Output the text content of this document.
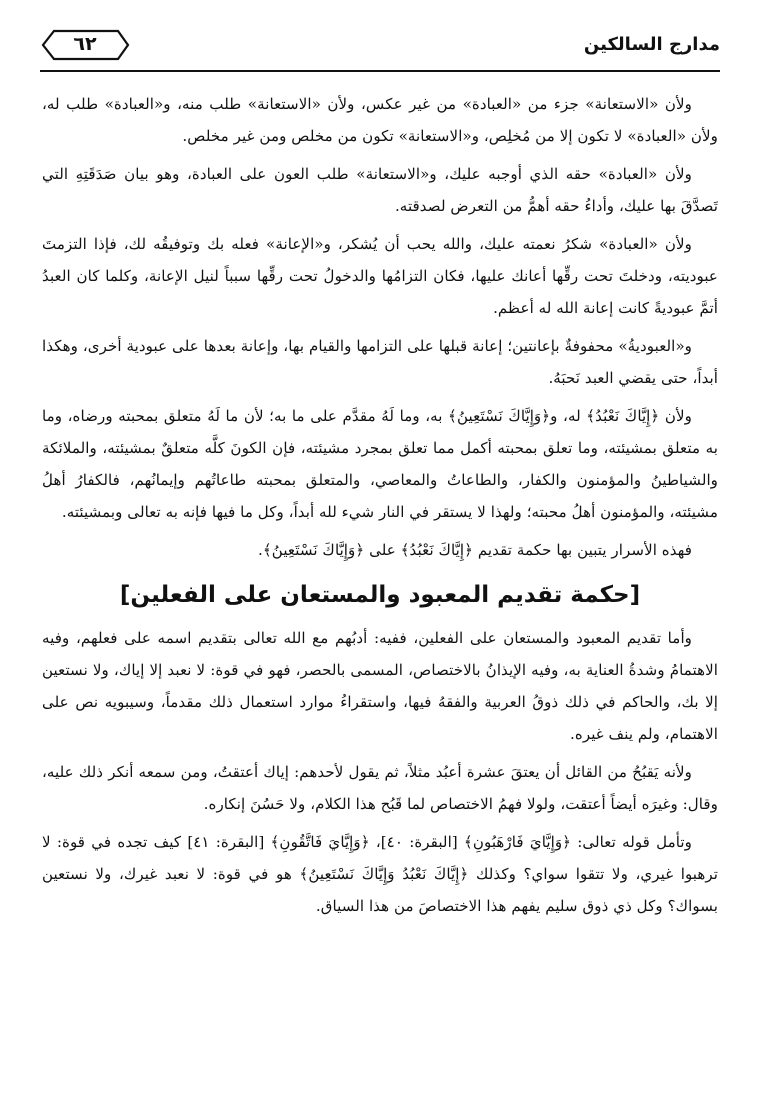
مدارج السالكين
٦٢

ولأن «الاستعانة» جزء من «العبادة» من غير عكس، ولأن «الاستعانة» طلب منه، و«العبادة» طلب له، ولأن «العبادة» لا تكون إلا من مُخلِص، و«الاستعانة» تكون من مخلص ومن غير مخلص.

ولأن «العبادة» حقه الذي أوجبه عليك، و«الاستعانة» طلب العون على العبادة، وهو بيان صَدَقَتِهِ التي تَصدَّقَ بها عليك، وأداءُ حقه أهمُّ من التعرض لصدقته.

ولأن «العبادة» شكرُ نعمته عليك، والله يحب أن يُشكر، و«الإعانة» فعله بك وتوفيقُه لك، فإذا التزمتَ عبوديته، ودخلتَ تحت رقِّها أعانك عليها، فكان التزامُها والدخولُ تحت رقِّها سبباً لنيل الإعانة، وكلما كان العبدُ أتمَّ عبوديةً كانت إعانة الله له أعظم.

و«العبوديةُ» محفوفةٌ بإعانتين؛ إعانة قبلها على التزامها والقيام بها، وإعانة بعدها على عبودية أخرى، وهكذا أبداً، حتى يقضي العبد نَحبَهُ.

ولأن ﴿إِيَّاكَ نَعْبُدُ﴾ له، و﴿وَإِيَّاكَ نَسْتَعِينُ﴾ به، وما لَهُ مقدَّم على ما به؛ لأن ما لَهُ متعلق بمحبته ورضاه، وما به متعلق بمشيئته، وما تعلق بمحبته أكمل مما تعلق بمجرد مشيئته، فإن الكونَ كلَّه متعلقٌ بمشيئته، والملائكة والشياطينُ والمؤمنون والكفار، والطاعاتُ والمعاصي، والمتعلق بمحبته طاعاتُهم وإيمانُهم، فالكفارُ أهلُ مشيئته، والمؤمنون أهلُ محبته؛ ولهذا لا يستقر في النار شيء لله أبداً، وكل ما فيها فإنه به تعالى وبمشيئته.

فهذه الأسرار يتبين بها حكمة تقديم ﴿إِيَّاكَ نَعْبُدُ﴾ على ﴿وَإِيَّاكَ نَسْتَعِينُ﴾.

[حكمة تقديم المعبود والمستعان على الفعلين]

وأما تقديم المعبود والمستعان على الفعلين، ففيه: أدبُهم مع الله تعالى بتقديم اسمه على فعلهم، وفيه الاهتمامُ وشدةُ العناية به، وفيه الإيذانُ بالاختصاص، المسمى بالحصر، فهو في قوة: لا نعبد إلا إياك، ولا نستعين إلا بك، والحاكم في ذلك ذوقُ العربية والفقهُ فيها، واستقراءُ موارد استعمال ذلك مقدماً، وسيبويه نص على الاهتمام، ولم ينف غيره.

ولأنه يَقبُحُ من القائل أن يعتقَ عشرة أعبُد مثلاً، ثم يقول لأحدهم: إياك أعتقتُ، ومن سمعه أنكر ذلك عليه، وقال: وغيرَه أيضاً أعتقت، ولولا فهمُ الاختصاص لما قَبُح هذا الكلام، ولا حَسُنَ إنكاره.

وتأمل قوله تعالى: ﴿وَإِيَّايَ فَارْهَبُونِ﴾ [البقرة: ٤٠]، ﴿وَإِيَّايَ فَاتَّقُونِ﴾ [البقرة: ٤١] كيف تجده في قوة: لا ترهبوا غيري، ولا تتقوا سواي؟ وكذلك ﴿إِيَّاكَ نَعْبُدُ وَإِيَّاكَ نَسْتَعِينُ﴾ هو في قوة: لا نعبد غيرك، ولا نستعين بسواك؟ وكل ذي ذوق سليم يفهم هذا الاختصاصَ من هذا السياق.
